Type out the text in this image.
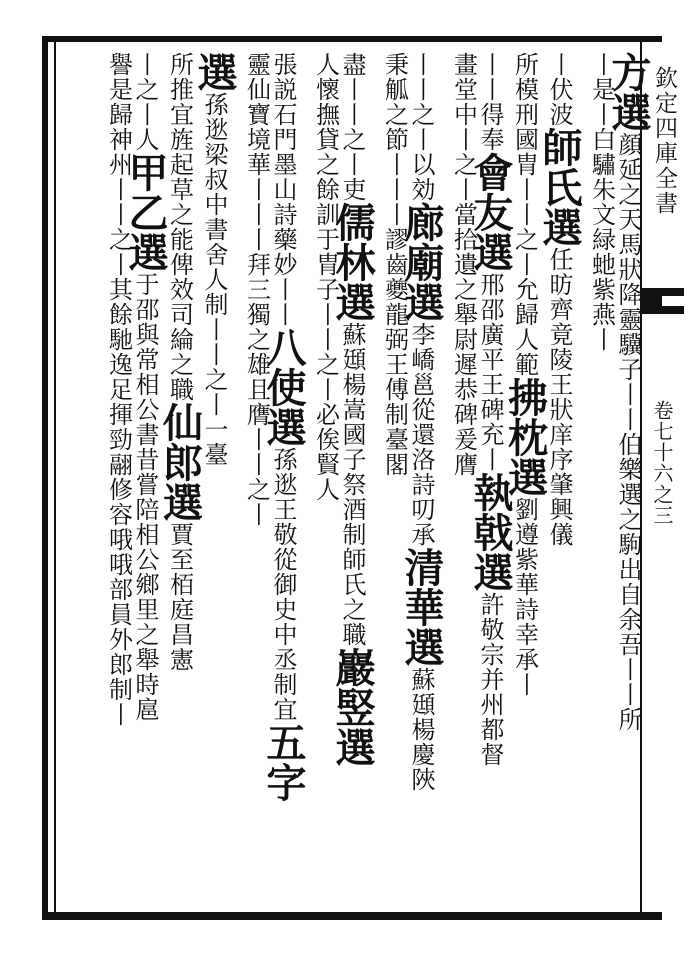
欽定四庫全書
卷七十六之三
方選顔延之天馬狀降靈驥子丨丨伯樂選之駒出自余吾丨丨所
丨是丨白驌朱文緑虵紫燕丨
丨伏波師氏選任昉齊竟陵王狀庠序肇興儀
所模刑國胄丨丨之丨允歸人範拂枕選劉遵紫華詩幸承丨
丨丨得奉會友選邢邵廣平王碑充丨執戟選許敬宗并州都督
畫堂中丨之丨當拾遺之舉尉遲恭碑爰膺
丨丨之丨以効廊廟選李嶠邕從還洛詩叨承清華選蘇頲楊慶陜
秉觚之節丨丨丨謬齒夔龍弼王傅制臺閣
盡丨丨之丨吏儒林選蘇頲楊嵩國子祭酒制師氏之職巖竪選
人懷撫貸之餘訓于胄子丨丨之丨必俟賢人
張説石門墨山詩藥妙丨丨八使選孫逖王敬從御史中丞制宜五字
靈仙寶境華丨丨丨拜三獨之雄且膺丨丨之丨
選孫逖梁叔中書舍人制丨丨之丨一臺
所推宜旌起草之能俾效司綸之職仙郎選賈至栢庭昌憲
丨之丨人甲乙選于邵與常相公書昔嘗陪相公鄉里之舉時扈
譽是歸神州丨丨之丨其餘馳逸足揮勁翮修容哦哦部員外郎制丨
